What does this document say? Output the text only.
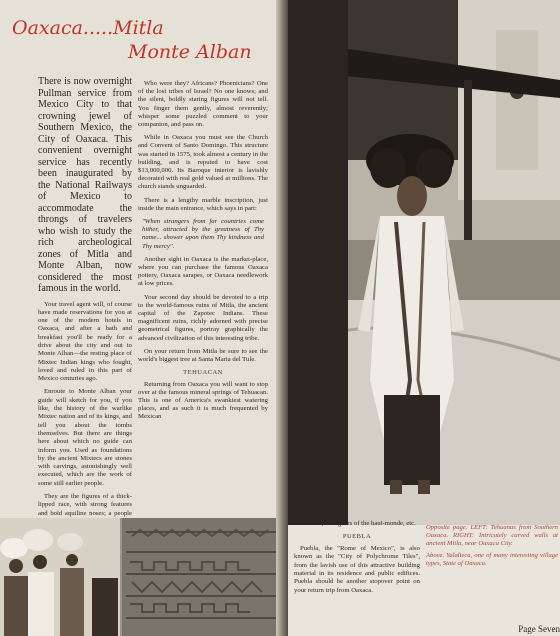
Oaxaca.....Mitla
Monte Alban

There is now overnight Pullman service from Mexico City to that crowning jewel of Southern Mexico, the City of Oaxaca. This convenient overnight service has recently been inaugurated by the National Railways of Mexico to accommodate the throngs of travelers who wish to study the rich archeological zones of Mitla and Monte Alban, now considered the most famous in the world.

Your travel agent will, of course have made reservations for you at one of the modern hotels in Oaxaca, and after a bath and breakfast you'll be ready for a drive about the city and out to Monte Alban—the resting place of Mixtec Indian kings who fought, loved and ruled in this part of Mexico centuries ago.

Enroute to Monte Alban your guide will sketch for you, if you like, the history of the warlike Mixtec nation and of its kings, and tell you about the tombs themselves. But there are things here about which no guide can inform you. Used as foundations by the ancient Mixtecs are stones with carvings, astonishingly well executed, which are the work of some still earlier people.

They are the figures of a thick-lipped race, with strong features and bold aquiline noses; a people

Who were they? Africans? Phoenicians? One of the lost tribes of Israel? No one knows; and the silent, boldly staring figures will not tell. You finger them gently, almost reverently; whisper some puzzled comment to your companion, and pass on.

While in Oaxaca you must see the Church and Convent of Santo Domingo. This structure was started in 1575, took almost a century in the building, and is reputed to have cost $13,000,000. Its Baroque interior is lavishly decorated with real gold valued at millions. The church stands unguarded.

There is a lengthy marble inscription, just inside the main entrance, which says in part:

"When strangers from far countries come hither, attracted by the greatness of Thy name... shower upon them Thy kindness and Thy mercy".

Another sight in Oaxaca is the market-place, where you can purchase the famous Oaxaca pottery, Oaxaca sarapes, or Oaxaca needlework at low prices.

Your second day should be devoted to a trip to the world-famous ruins of Mitla, the ancient capital of the Zapotec Indians. These magnificent ruins, richly adorned with precise geometrical figures, portray graphically the advanced civilization of this interesting tribe.

On your return from Mitla be sure to see the world's biggest tree at Santa Maria del Tule.

TEHUACAN

Returning from Oaxaca you will want to stop over at the famous mineral springs of Tehuacan. This is one of America's swankiest watering places, and as such it is much frequented by Mexican

officials, foreigners of the haut-monde, etc.

PUEBLA

Puebla, the "Rome of Mexico", is also known as the "City of Polychrome Tiles", from the lavish use of this attractive building material in its residence and public edifices. Puebla should be another stopover point on your return trip from Oaxaca.

Opposite page. LEFT: Tehuanas from Southern Oaxaca. RIGHT: Intricately carved walls at ancient Mitla, near Oaxaca City.

Above. Yalalteca, one of many interesting village types, State of Oaxaca.

Page Seven
